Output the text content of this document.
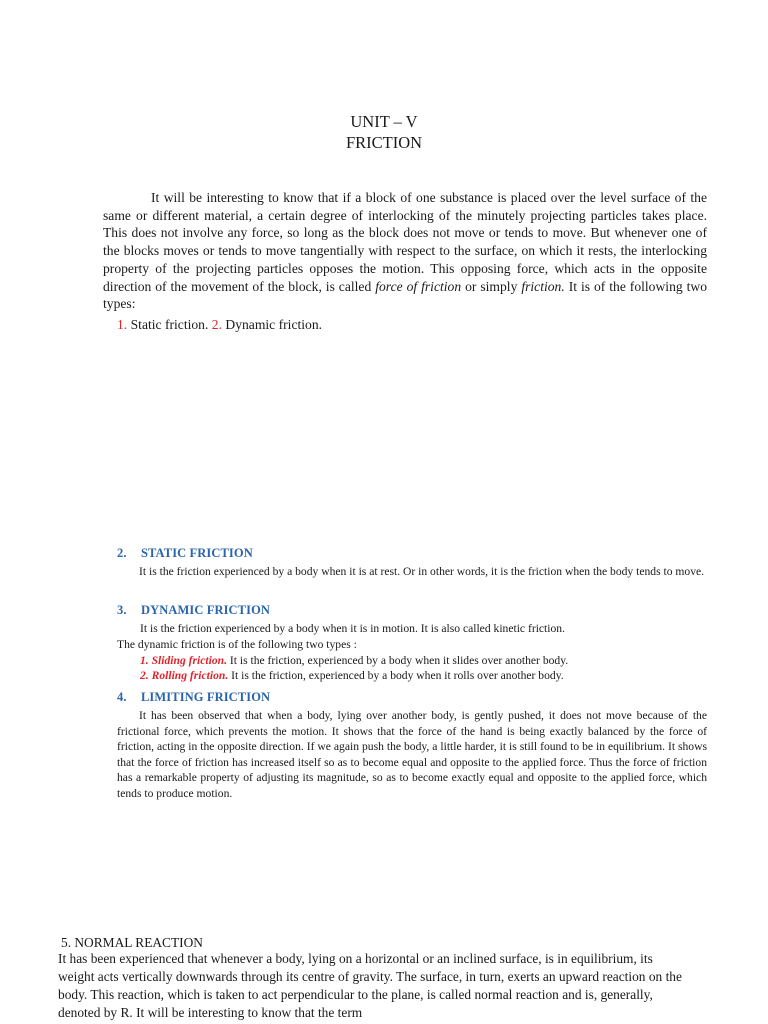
UNIT – V
FRICTION

It will be interesting to know that if a block of one substance is placed over the level surface of the same or different material, a certain degree of interlocking of the minutely projecting particles takes place. This does not involve any force, so long as the block does not move or tends to move. But whenever one of the blocks moves or tends to move tangentially with respect to the surface, on which it rests, the interlocking property of the projecting particles opposes the motion. This opposing force, which acts in the opposite direction of the movement of the block, is called force of friction or simply friction. It is of the following two types:

1. Static friction. 2. Dynamic friction.
2. STATIC FRICTION

It is the friction experienced by a body when it is at rest. Or in other words, it is the friction when the body tends to move.

3. DYNAMIC FRICTION
It is the friction experienced by a body when it is in motion. It is also called kinetic friction.
The dynamic friction is of the following two types :
1. Sliding friction. It is the friction, experienced by a body when it slides over another body.
2. Rolling friction. It is the friction, experienced by a body when it rolls over another body.
4. LIMITING FRICTION

It has been observed that when a body, lying over another body, is gently pushed, it does not move because of the frictional force, which prevents the motion. It shows that the force of the hand is being exactly balanced by the force of friction, acting in the opposite direction. If we again push the body, a little harder, it is still found to be in equilibrium. It shows that the force of friction has increased itself so as to become equal and opposite to the applied force. Thus the force of friction has a remarkable property of adjusting its magnitude, so as to become exactly equal and opposite to the applied force, which tends to produce motion.

5. NORMAL REACTION

It has been experienced that whenever a body, lying on a horizontal or an inclined surface, is in equilibrium, its weight acts vertically downwards through its centre of gravity. The surface, in turn, exerts an upward reaction on the body. This reaction, which is taken to act perpendicular to the plane, is called normal reaction and is, generally, denoted by R. It will be interesting to know that the term
